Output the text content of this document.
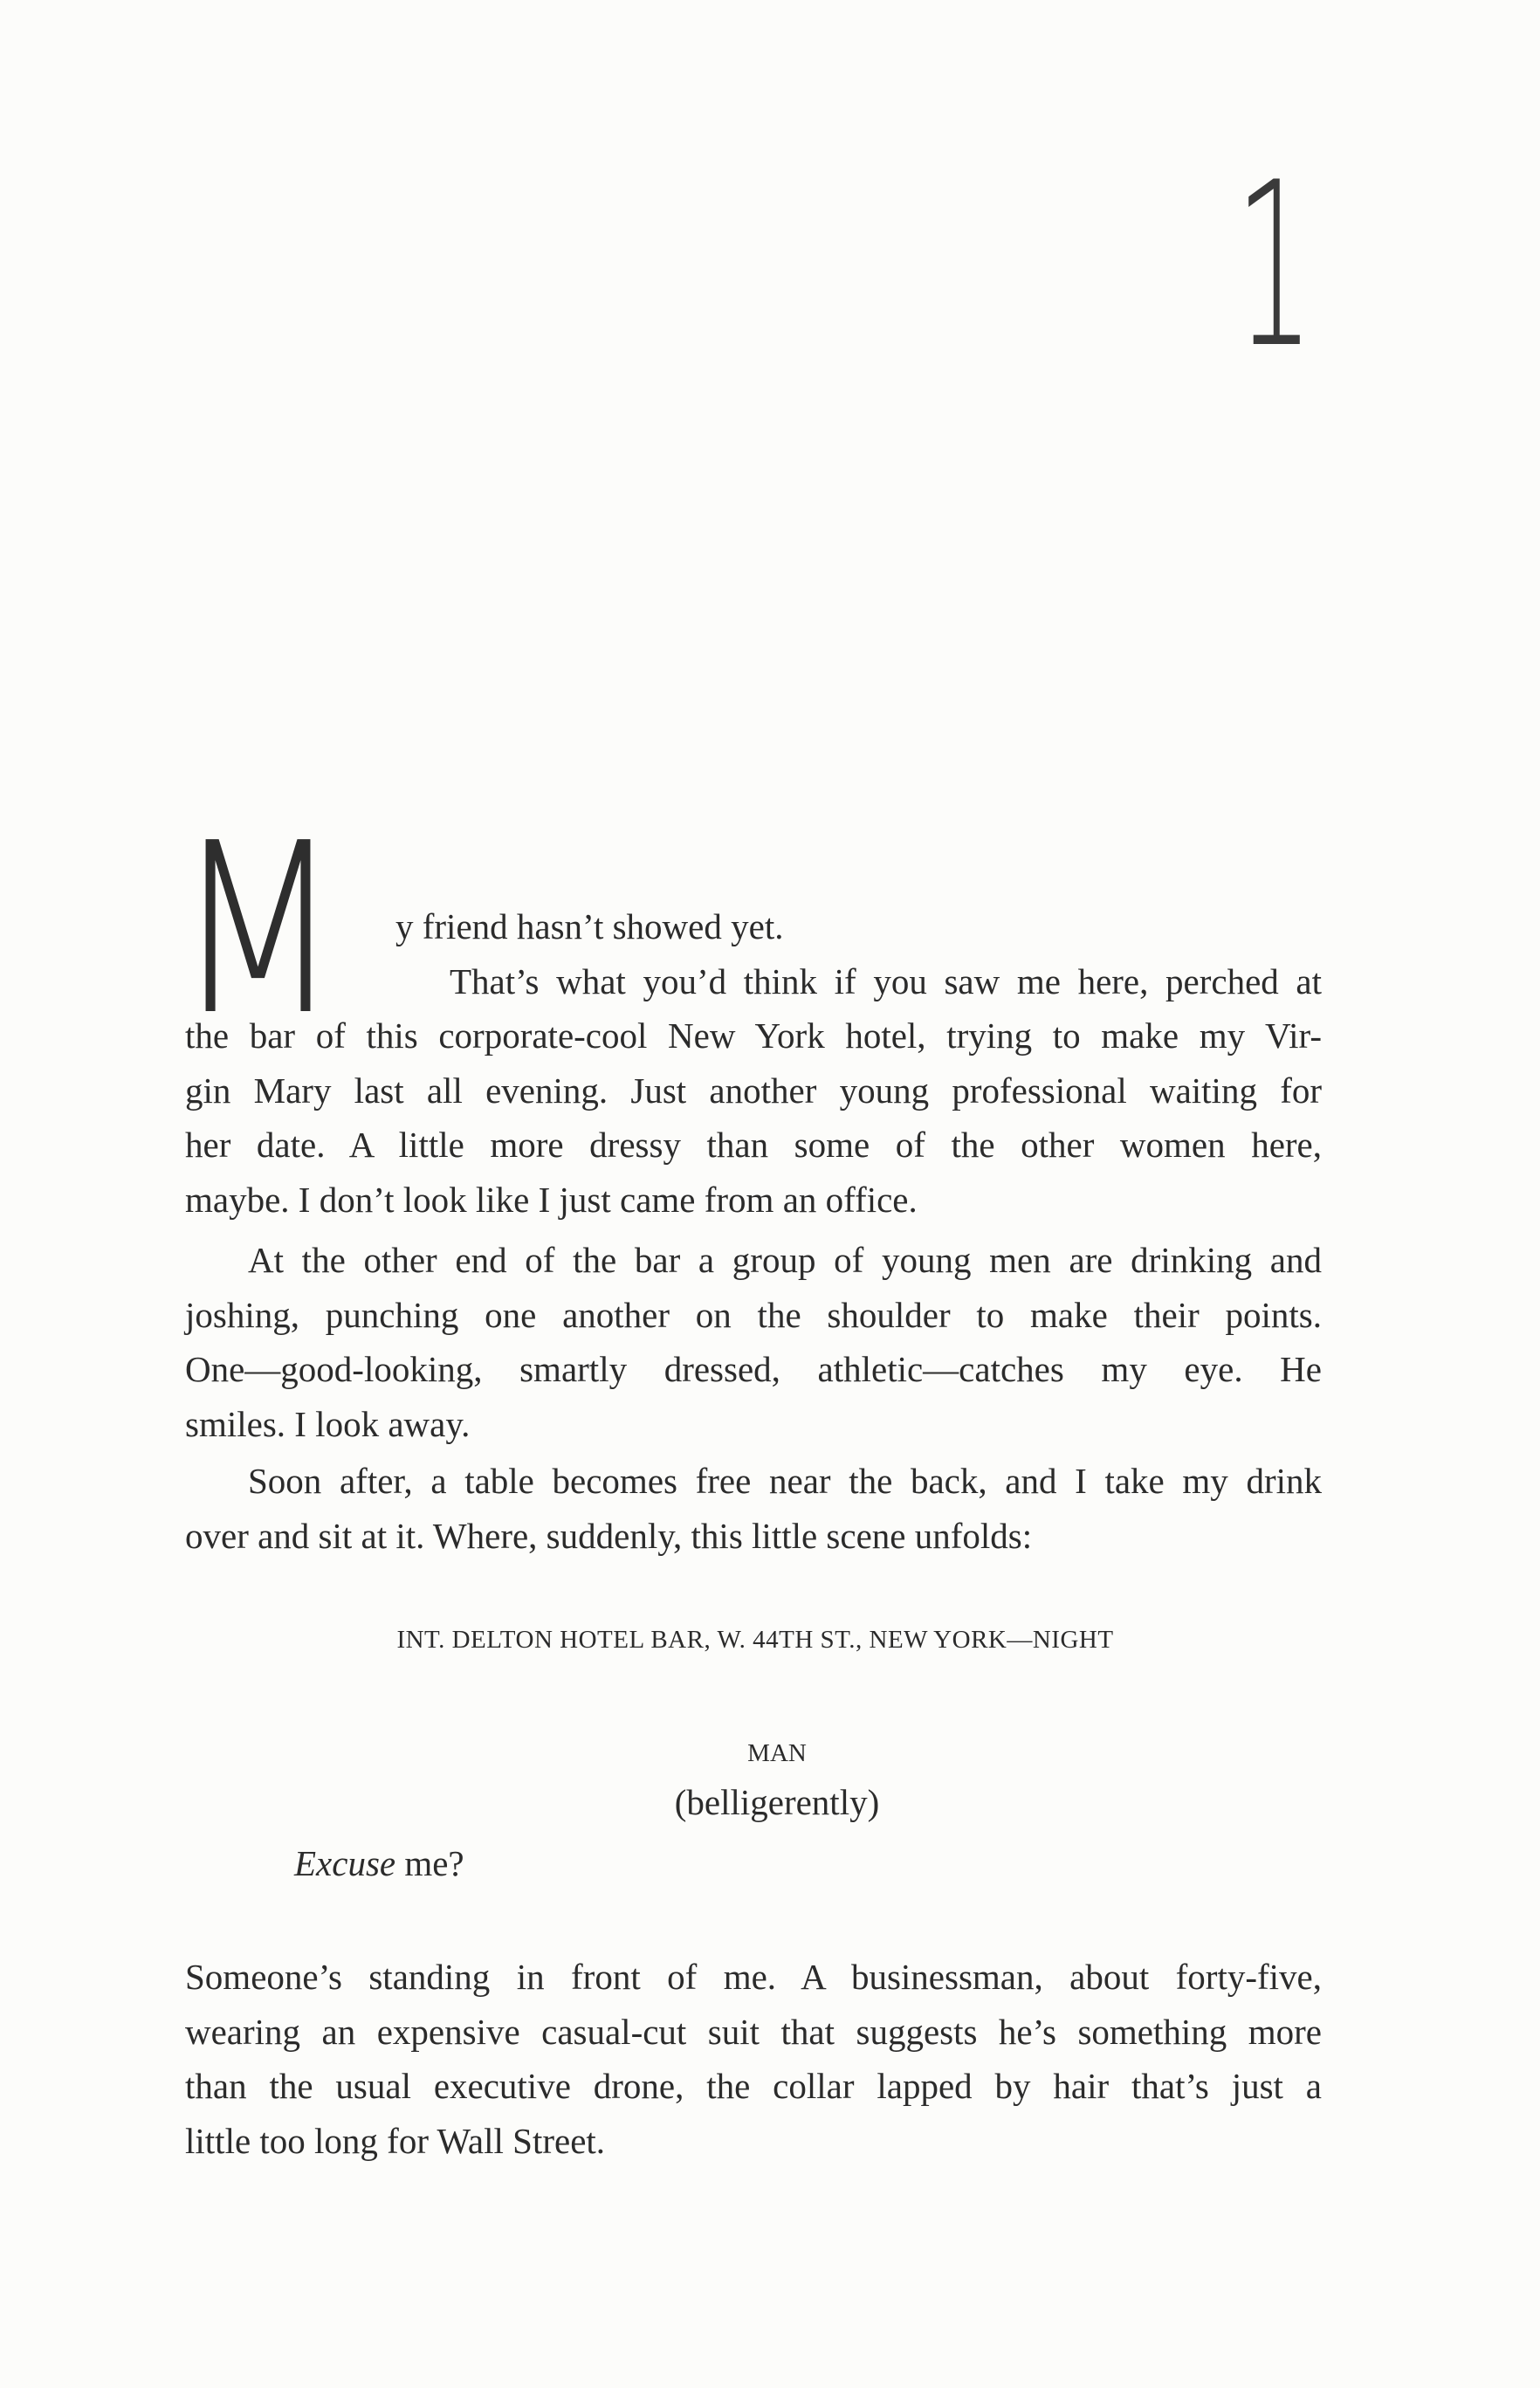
1
M y friend hasn’t showed yet.

That’s what you’d think if you saw me here, perched at

the bar of this corporate-cool New York hotel, trying to make my Vir-
gin Mary last all evening. Just another young professional waiting for
her date. A little more dressy than some of the other women here,
maybe. I don’t look like I just came from an office.

At the other end of the bar a group of young men are drinking and
joshing, punching one another on the shoulder to make their points.
One—good-looking, smartly dressed, athletic—catches my eye. He
smiles. I look away.

Soon after, a table becomes free near the back, and I take my drink
over and sit at it. Where, suddenly, this little scene unfolds:

INT. DELTON HOTEL BAR, W. 44TH ST., NEW YORK—NIGHT

MAN

(belligerently)

Excuse me?

Someone’s standing in front of me. A businessman, about forty-five,
wearing an expensive casual-cut suit that suggests he’s something more
than the usual executive drone, the collar lapped by hair that’s just a
little too long for Wall Street.
